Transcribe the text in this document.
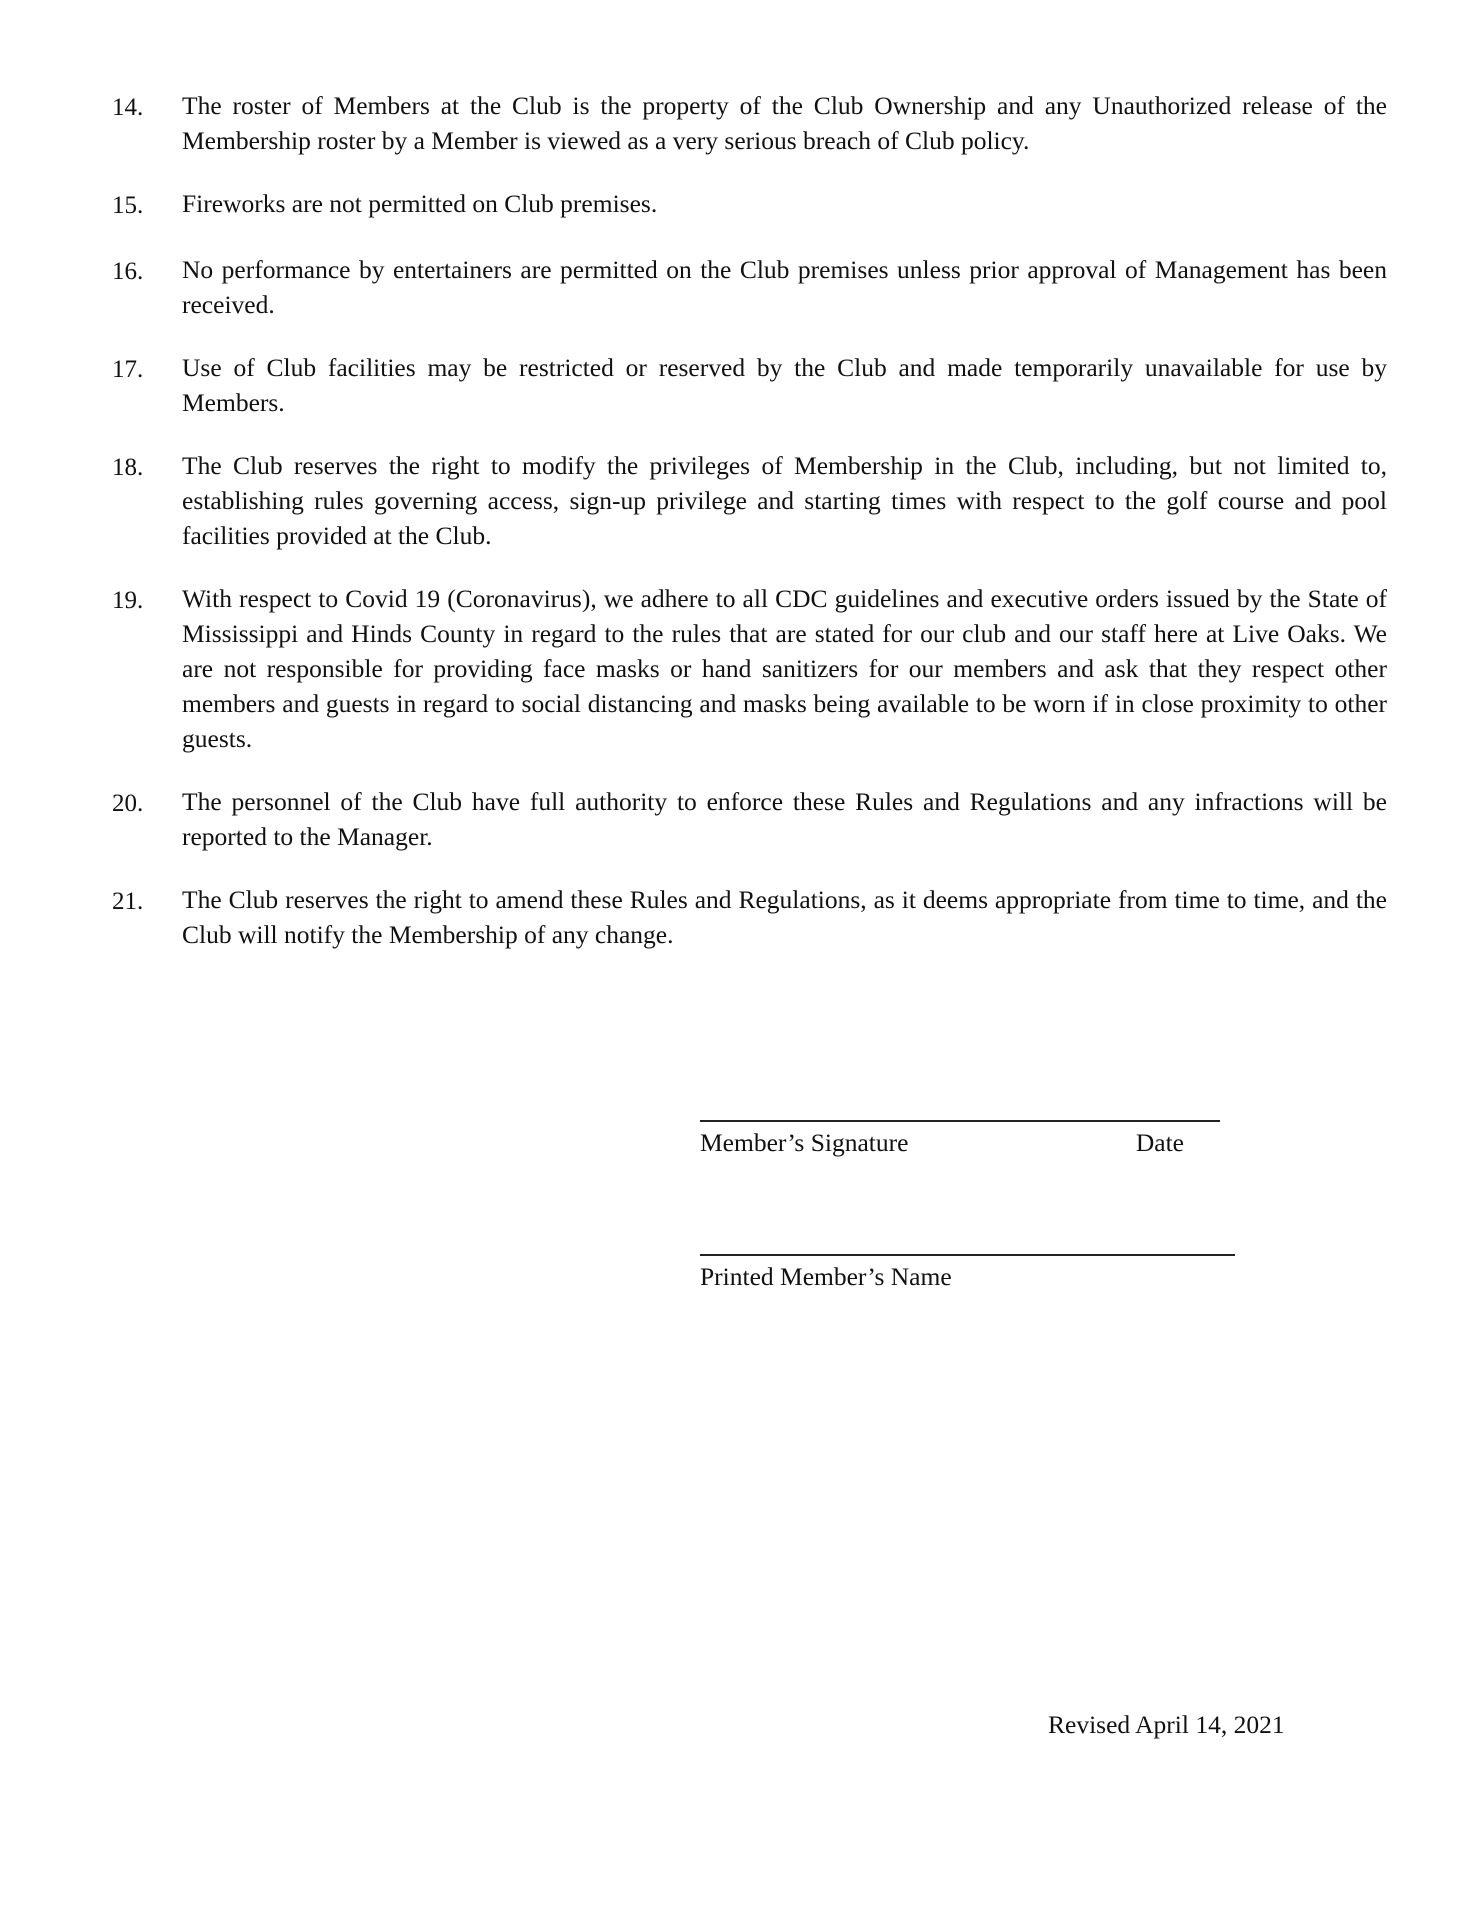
14.	The roster of Members at the Club is the property of the Club Ownership and any Unauthorized release of the Membership roster by a Member is viewed as a very serious breach of Club policy.

15.	Fireworks are not permitted on Club premises.

16.	No performance by entertainers are permitted on the Club premises unless prior approval of Management has been received.

17.	Use of Club facilities may be restricted or reserved by the Club and made temporarily unavailable for use by Members.

18.	The Club reserves the right to modify the privileges of Membership in the Club, including, but not limited to, establishing rules governing access, sign-up privilege and starting times with respect to the golf course and pool facilities provided at the Club.

19.	With respect to Covid 19 (Coronavirus), we adhere to all CDC guidelines and executive orders issued by the State of Mississippi and Hinds County in regard to the rules that are stated for our club and our staff here at Live Oaks. We are not responsible for providing face masks or hand sanitizers for our members and ask that they respect other members and guests in regard to social distancing and masks being available to be worn if in close proximity to other guests.

20.	The personnel of the Club have full authority to enforce these Rules and Regulations and any infractions will be reported to the Manager.

21.	The Club reserves the right to amend these Rules and Regulations, as it deems appropriate from time to time, and the Club will notify the Membership of any change.

Member’s Signature	Date
Printed Member’s Name
Revised April 14, 2021
